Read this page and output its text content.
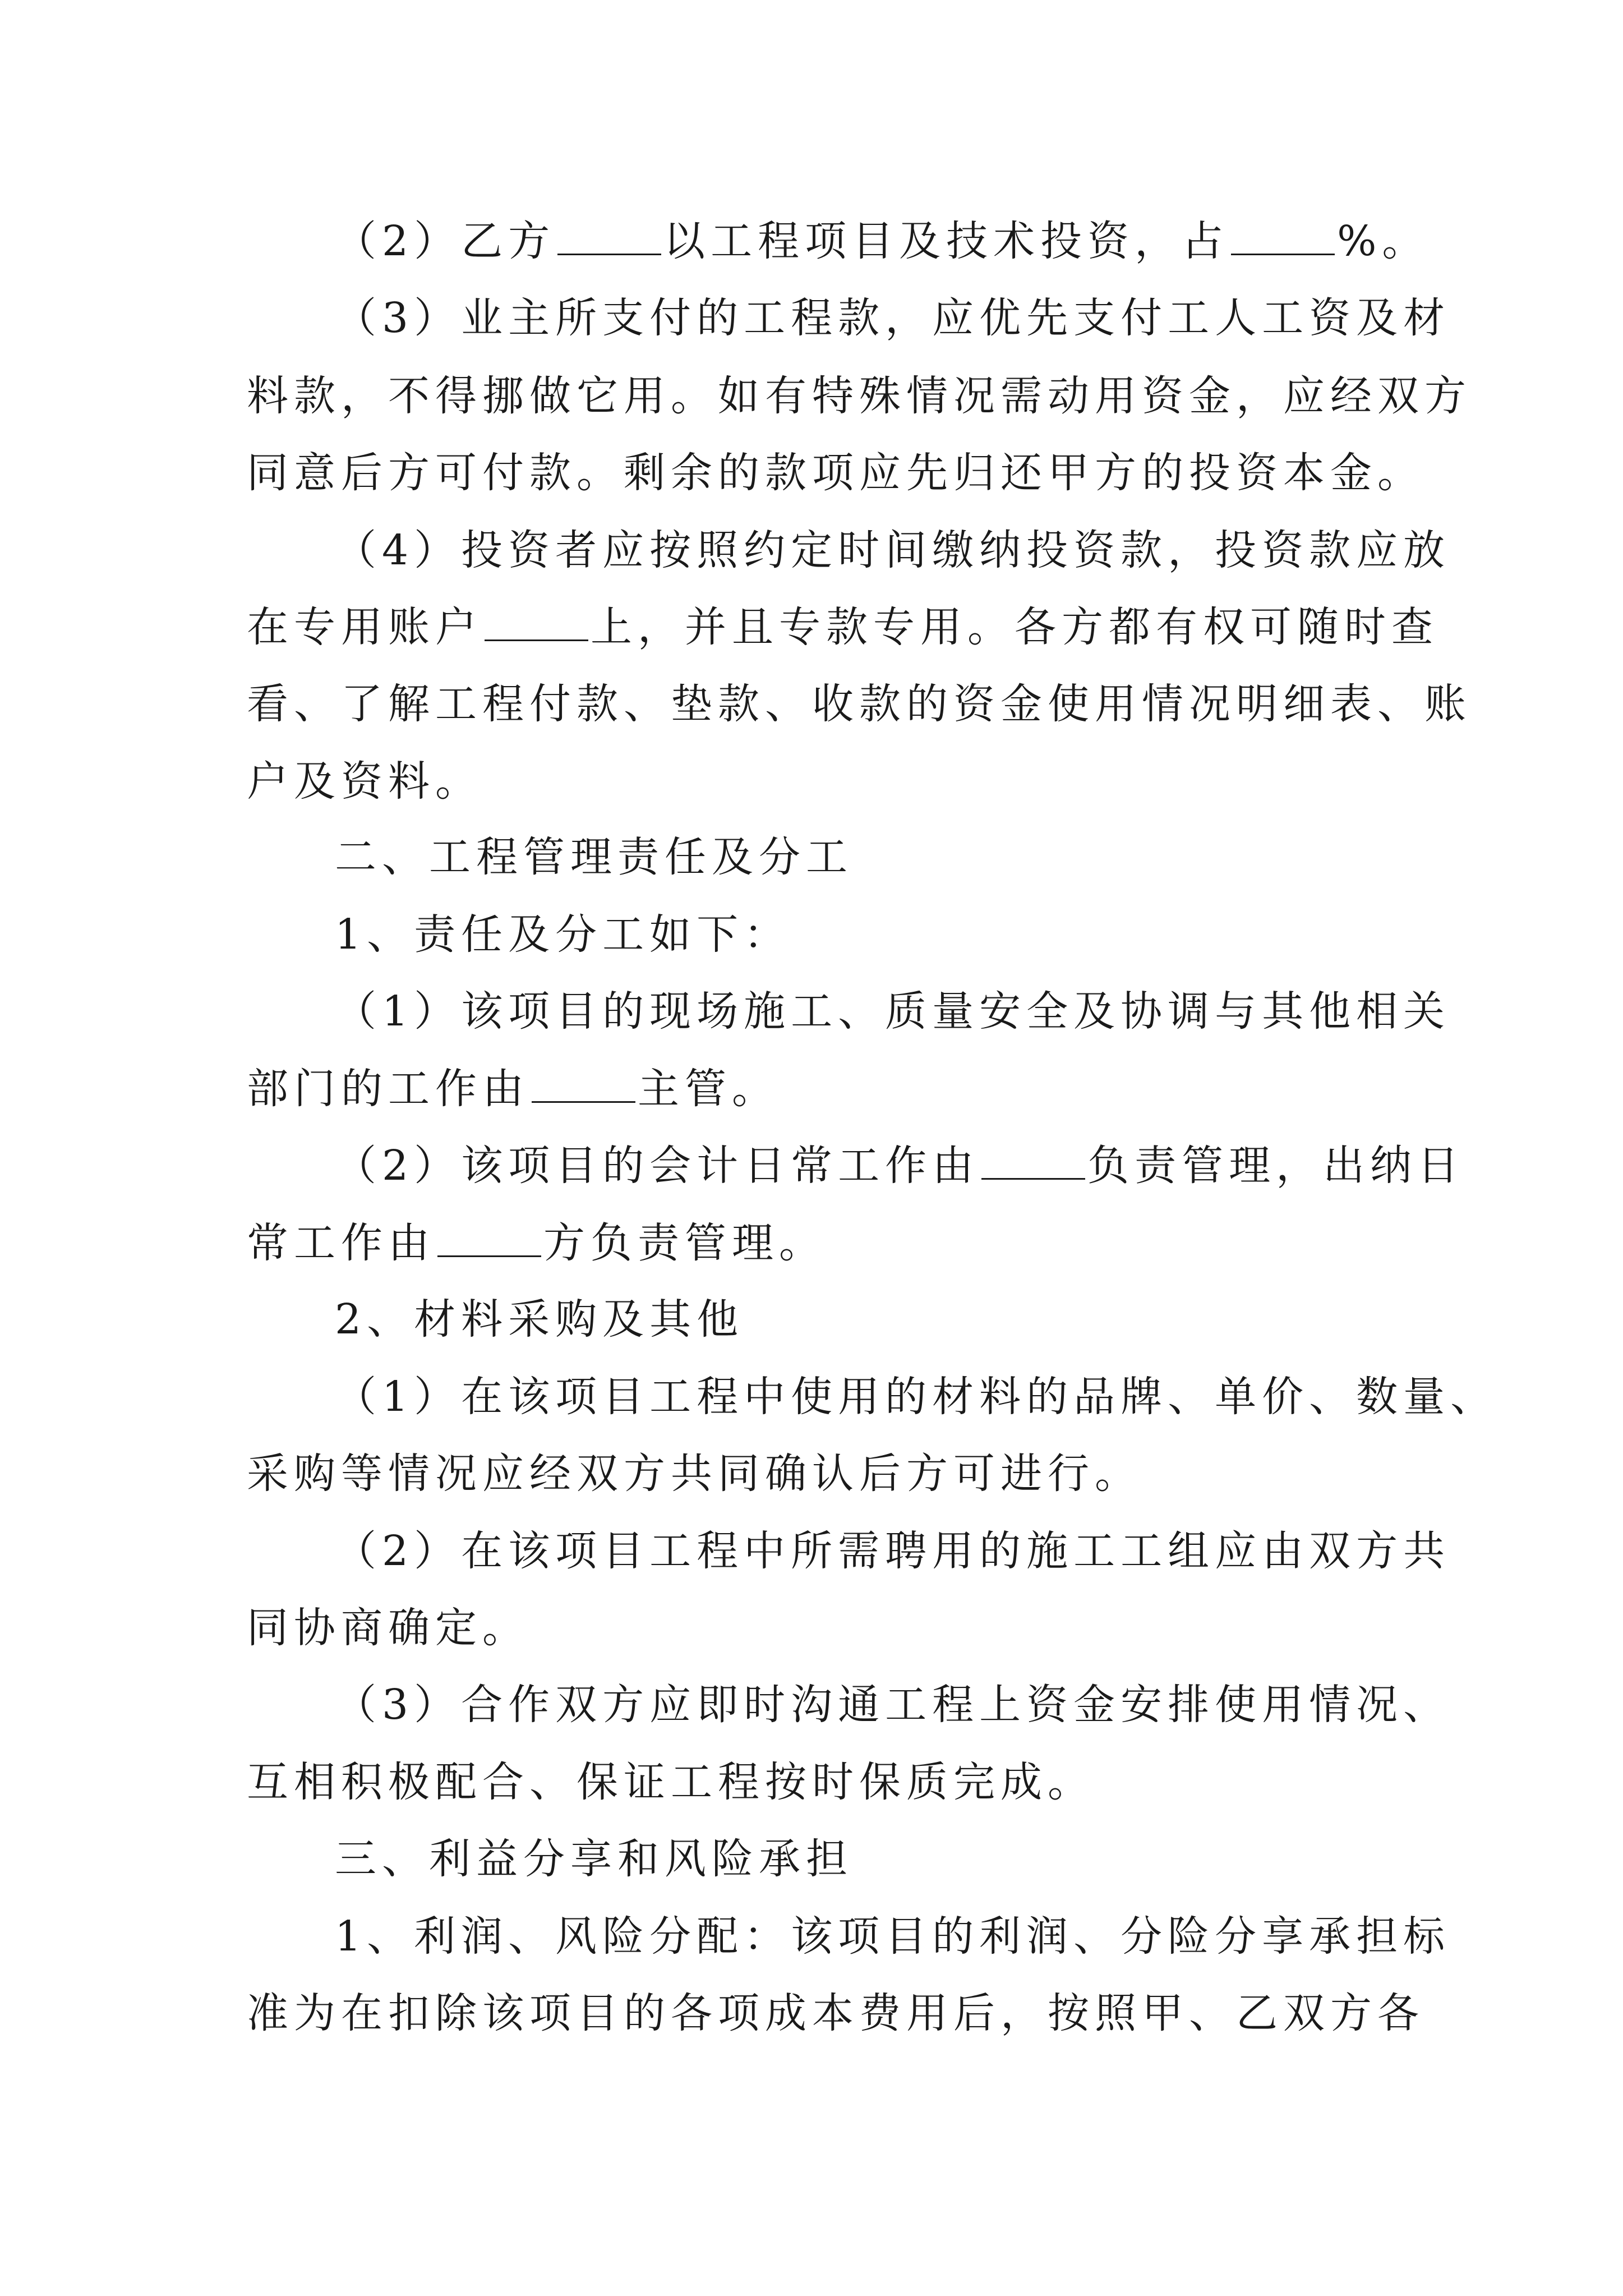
（2）乙方	以工程项目及技术投资，占	%。
（3）业主所支付的工程款，应优先支付工人工资及材
料款，不得挪做它用。如有特殊情况需动用资金，应经双方
同意后方可付款。剩余的款项应先归还甲方的投资本金。
（4）投资者应按照约定时间缴纳投资款，投资款应放
在专用账户	上，并且专款专用。各方都有权可随时查
看、了解工程付款、垫款、收款的资金使用情况明细表、账
户及资料。
二、工程管理责任及分工
1、责任及分工如下：
（1）该项目的现场施工、质量安全及协调与其他相关
部门的工作由	主管。
（2）该项目的会计日常工作由	负责管理，出纳日
常工作由	方负责管理。
2、材料采购及其他
（1）在该项目工程中使用的材料的品牌、单价、数量、
采购等情况应经双方共同确认后方可进行。
（2）在该项目工程中所需聘用的施工工组应由双方共
同协商确定。
（3）合作双方应即时沟通工程上资金安排使用情况、
互相积极配合、保证工程按时保质完成。
三、利益分享和风险承担
1、利润、风险分配：该项目的利润、分险分享承担标
准为在扣除该项目的各项成本费用后，按照甲、乙双方各
